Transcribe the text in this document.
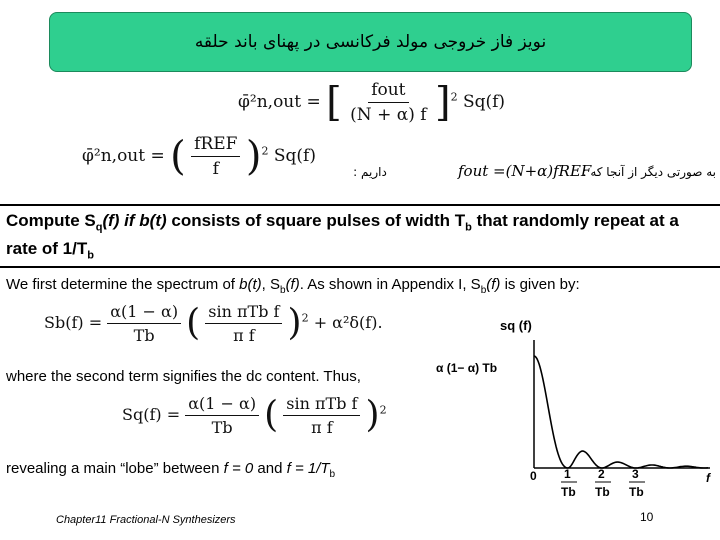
نویز فاز خروجی مولد فرکانسی در پهنای باند حلقه
φ̄²n,out = [ $\frac{\text{fout}}{(N + \alpha) f} ]^2$ Sq(f)
φ̄²n,out = ( $\frac{\text{fREF}}{f} )^2$ Sq(f)
داریم :	fout =(N+α)fREF
به صورتی دیگر از آنجا که :
Compute $S_q(f)$ if b(t) consists of square pulses of width $T_b$ that randomly repeat at a rate of $1/T_b$
We first determine the spectrum of b(t), $S_b(f)$. As shown in Appendix I, $S_b(f)$ is given by:
$Sb(f) = \frac{\alpha(1 - \alpha)}{Tb}$ ( $\frac{\text{sin πTb f}}{\text{π f}} )^2 + \alpha^2\delta(f)$.
where the second term signifies the dc content. Thus,
$Sq(f) = \frac{\alpha(1 - \alpha)}{Tb}$ ( $\frac{\text{sin πTb f}}{\text{π f}} )^2$
revealing a main “lobe” between f = 0 and $f = 1/T_b$
sq (f)
α (1− α) Tb
f
0 1
Tb
2
Tb
3
Tb
Chapter11 Fractional-N Synthesizers	10
